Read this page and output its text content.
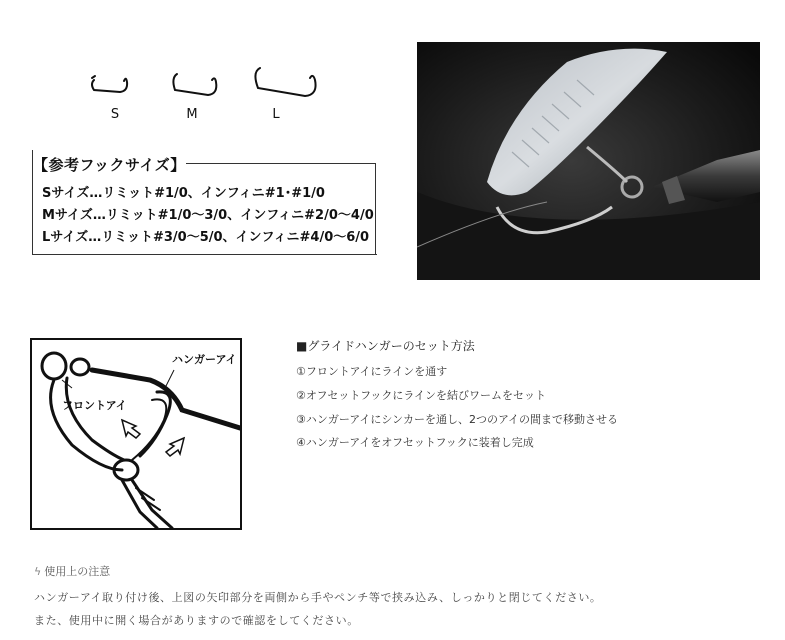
S	M	L
【参考フックサイズ】
Sサイズ…リミット#1/0、インフィニ#1･#1/0
Mサイズ…リミット#1/0〜3/0、インフィニ#2/0〜4/0
Lサイズ…リミット#3/0〜5/0、インフィニ#4/0〜6/0
ハンガーアイ
フロントアイ
■グライドハンガーのセット方法
①フロントアイにラインを通す
②オフセットフックにラインを結びワームをセット
③ハンガーアイにシンカーを通し、2つのアイの間まで移動させる
④ハンガーアイをオフセットフックに装着し完成
ϟ 使用上の注意
ハンガーアイ取り付け後、上図の矢印部分を両側から手やペンチ等で挟み込み、しっかりと閉じてください。
また、使用中に開く場合がありますので確認をしてください。
